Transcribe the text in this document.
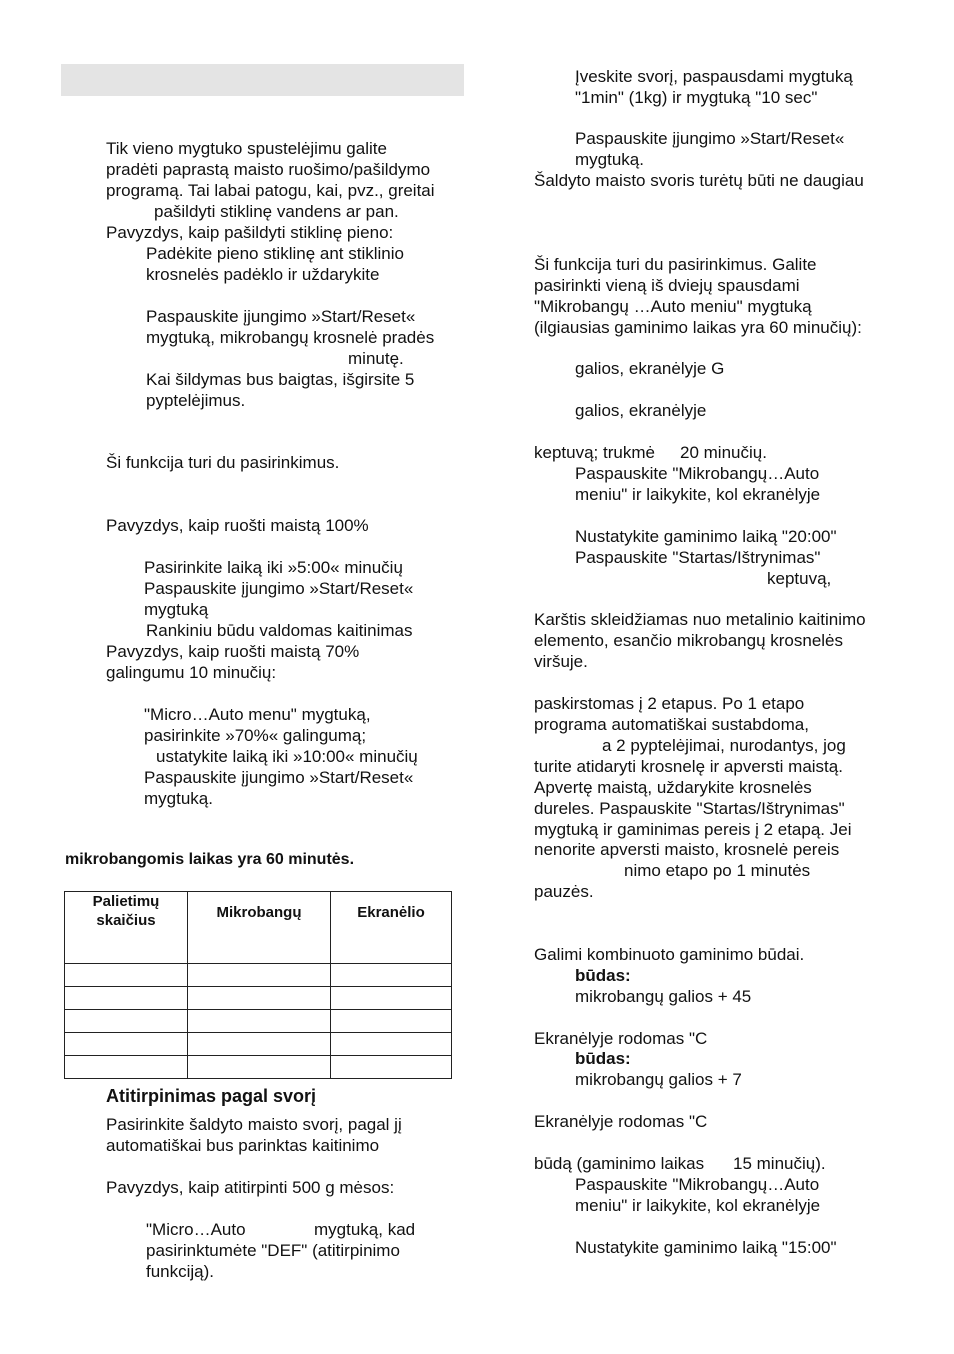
Tik vieno mygtuko spustelėjimu galite
pradėti paprastą maisto ruošimo/pašildymo
programą. Tai labai patogu, kai, pvz., greitai
pašildyti stiklinę vandens ar pan.
Pavyzdys, kaip pašildyti stiklinę pieno:
Padėkite pieno stiklinę ant stiklinio
krosnelės padėklo ir uždarykite
Paspauskite įjungimo »Start/Reset«
mygtuką, mikrobangų krosnelė pradės
minutę.
Kai šildymas bus baigtas, išgirsite 5
pyptelėjimus.
Ši funkcija turi du pasirinkimus.
Pavyzdys, kaip ruošti maistą 100%
Pasirinkite laiką iki »5:00« minučių
Paspauskite įjungimo »Start/Reset«
mygtuką
Rankiniu būdu valdomas kaitinimas
Pavyzdys, kaip ruošti maistą 70%
galingumu 10 minučių:
"Micro…Auto menu" mygtuką,
pasirinkite »70%« galingumą;
ustatykite laiką iki »10:00« minučių
Paspauskite įjungimo »Start/Reset«
mygtuką.
mikrobangomis laikas yra 60 minutės.
Palietimų
skaičius	Mikrobangų	Ekranėlio

Atitirpinimas pagal svorį
Pasirinkite šaldyto maisto svorį, pagal jį
automatiškai bus parinktas kaitinimo
Pavyzdys, kaip atitirpinti 500 g mėsos:
"Micro…Auto	mygtuką, kad
pasirinktumėte "DEF" (atitirpinimo
funkciją).
Įveskite svorį, paspausdami mygtuką
"1min" (1kg) ir mygtuką "10 sec"
Paspauskite įjungimo »Start/Reset«
mygtuką.
Šaldyto maisto svoris turėtų būti ne daugiau
Ši funkcija turi du pasirinkimus. Galite
pasirinkti vieną iš dviejų spausdami
"Mikrobangų …Auto meniu" mygtuką
(ilgiausias gaminimo laikas yra 60 minučių):
galios, ekranėlyje G
galios, ekranėlyje
keptuvą; trukmė 20 minučių.
Paspauskite "Mikrobangų…Auto
meniu" ir laikykite, kol ekranėlyje
Nustatykite gaminimo laiką "20:00"
Paspauskite "Startas/Ištrynimas"
keptuvą,
Karštis skleidžiamas nuo metalinio kaitinimo
elemento, esančio mikrobangų krosnelės
viršuje.
paskirstomas į 2 etapus. Po 1 etapo
programa automatiškai sustabdoma,
a 2 pyptelėjimai, nurodantys, jog
turite atidaryti krosnelę ir apversti maistą.
Apvertę maistą, uždarykite krosnelės
dureles. Paspauskite "Startas/Ištrynimas"
mygtuką ir gaminimas pereis į 2 etapą. Jei
nenorite apversti maisto, krosnelė pereis
nimo etapo po 1 minutės
pauzės.
Galimi kombinuoto gaminimo būdai.
būdas:
mikrobangų galios + 45
Ekranėlyje rodomas "C
būdas:
mikrobangų galios + 7
Ekranėlyje rodomas "C
būdą (gaminimo laikas 15 minučių).
Paspauskite "Mikrobangų…Auto
meniu" ir laikykite, kol ekranėlyje
Nustatykite gaminimo laiką "15:00"
